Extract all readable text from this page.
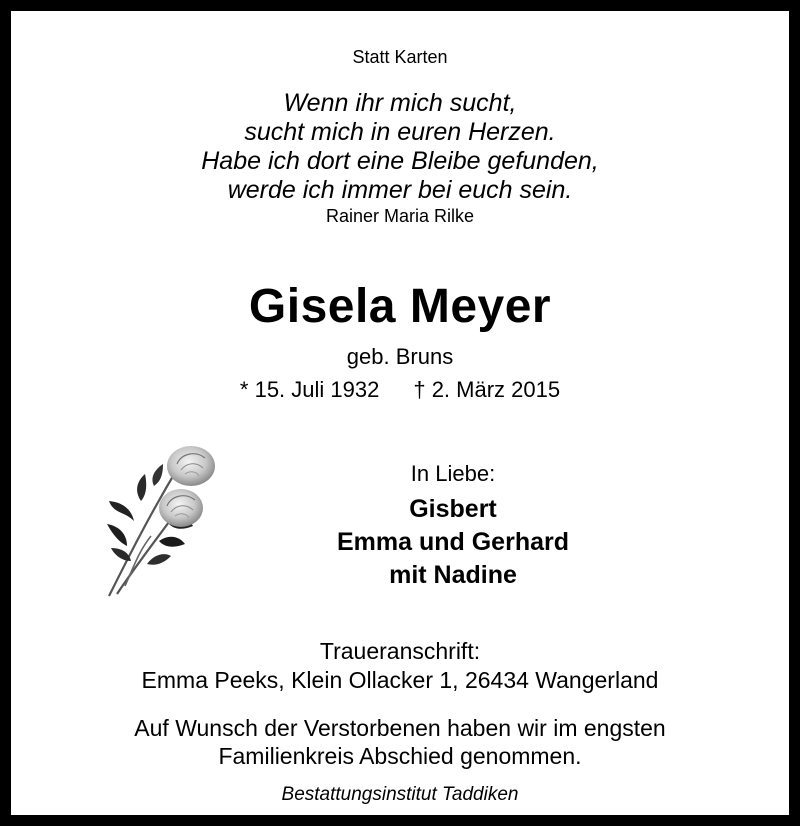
Statt Karten
Wenn ihr mich sucht,
sucht mich in euren Herzen.
Habe ich dort eine Bleibe gefunden,
werde ich immer bei euch sein.
Rainer Maria Rilke
Gisela Meyer
geb. Bruns
* 15. Juli 1932 † 2. März 2015
In Liebe:
Gisbert
Emma und Gerhard
mit Nadine
Traueranschrift:
Emma Peeks, Klein Ollacker 1, 26434 Wangerland
Auf Wunsch der Verstorbenen haben wir im engsten
Familienkreis Abschied genommen.
Bestattungsinstitut Taddiken
